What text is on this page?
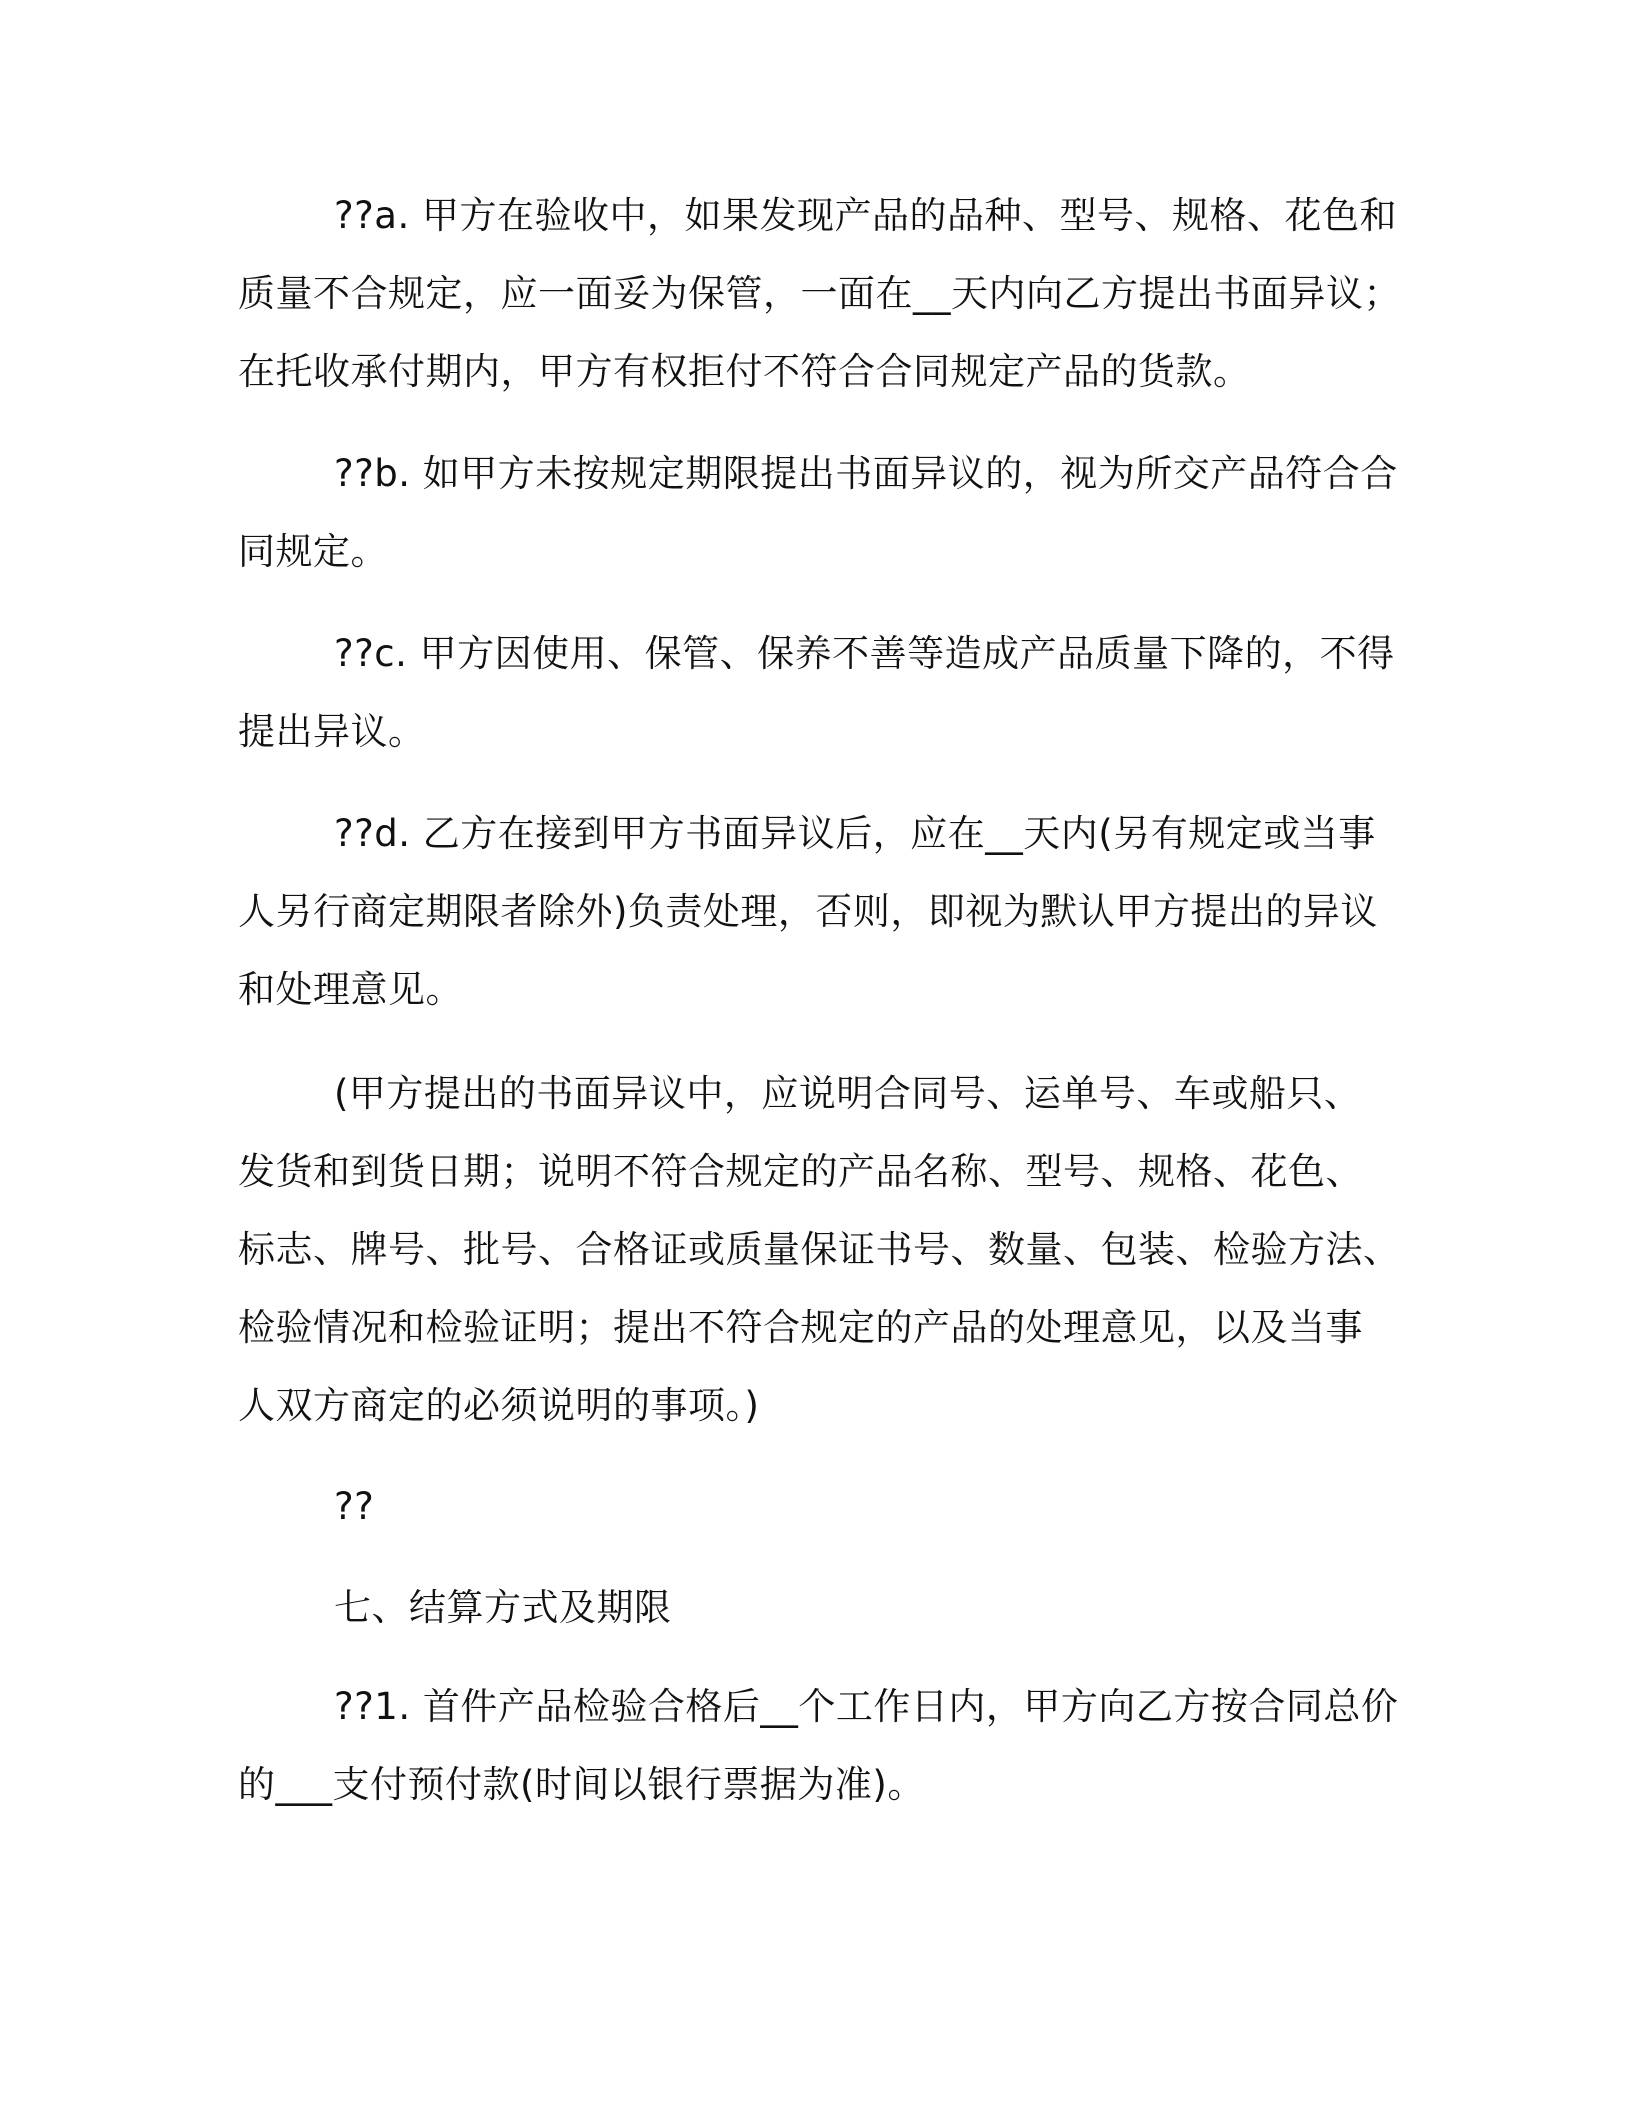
??a. 甲方在验收中，如果发现产品的品种、型号、规格、花色和
质量不合规定，应一面妥为保管，一面在__天内向乙方提出书面异议；
在托收承付期内，甲方有权拒付不符合合同规定产品的货款。
??b. 如甲方未按规定期限提出书面异议的，视为所交产品符合合
同规定。
??c. 甲方因使用、保管、保养不善等造成产品质量下降的，不得
提出异议。
??d. 乙方在接到甲方书面异议后，应在__天内(另有规定或当事
人另行商定期限者除外)负责处理，否则，即视为默认甲方提出的异议
和处理意见。
(甲方提出的书面异议中，应说明合同号、运单号、车或船只、
发货和到货日期；说明不符合规定的产品名称、型号、规格、花色、
标志、牌号、批号、合格证或质量保证书号、数量、包装、检验方法、
检验情况和检验证明；提出不符合规定的产品的处理意见，以及当事
人双方商定的必须说明的事项。)
??
七、结算方式及期限
??1. 首件产品检验合格后__个工作日内，甲方向乙方按合同总价
的___支付预付款(时间以银行票据为准)。
